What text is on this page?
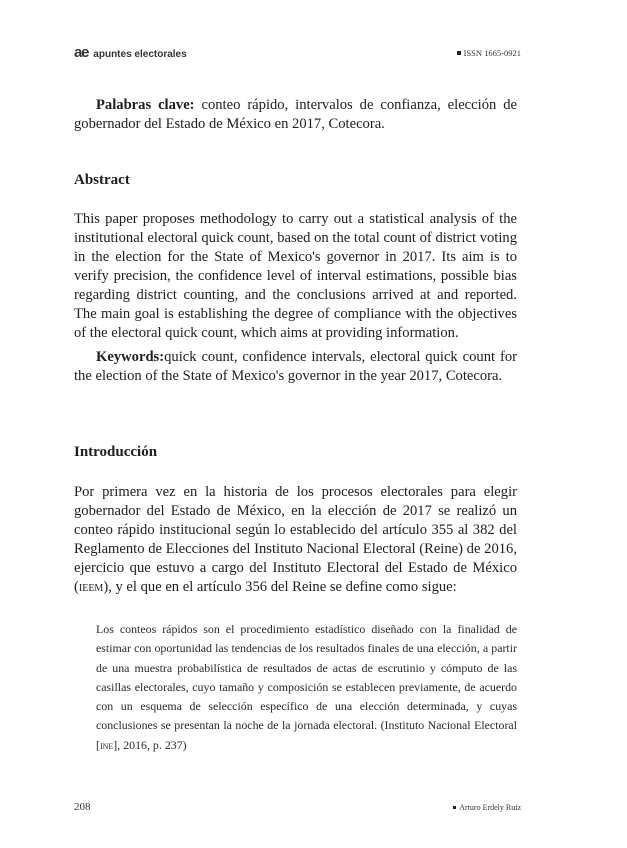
ae apuntes electorales	ISSN 1665-0921

Palabras clave: conteo rápido, intervalos de confianza, elección de gobernador del Estado de México en 2017, Cotecora.

Abstract

This paper proposes methodology to carry out a statistical analysis of the institutional electoral quick count, based on the total count of district voting in the election for the State of Mexico's governor in 2017. Its aim is to verify precision, the confidence level of interval estimations, possible bias regarding district counting, and the conclusions arrived at and reported. The main goal is establishing the degree of compliance with the objectives of the electoral quick count, which aims at providing information.

Keywords:quick count, confidence intervals, electoral quick count for the election of the State of Mexico's governor in the year 2017, Cotecora.

Introducción

Por primera vez en la historia de los procesos electorales para elegir gobernador del Estado de México, en la elección de 2017 se realizó un conteo rápido institucional según lo establecido del artículo 355 al 382 del Reglamento de Elecciones del Instituto Nacional Electoral (Reine) de 2016, ejercicio que estuvo a cargo del Instituto Electoral del Estado de México (ieem), y el que en el artículo 356 del Reine se define como sigue:

Los conteos rápidos son el procedimiento estadístico diseñado con la finalidad de estimar con oportunidad las tendencias de los resultados finales de una elección, a partir de una muestra probabilística de resultados de actas de escrutinio y cómputo de las casillas electorales, cuyo tamaño y composición se establecen previamente, de acuerdo con un esquema de selección específico de una elección determinada, y cuyas conclusiones se presentan la noche de la jornada electoral. (Instituto Nacional Electoral [ine], 2016, p. 237)

208	Arturo Erdely Ruiz
